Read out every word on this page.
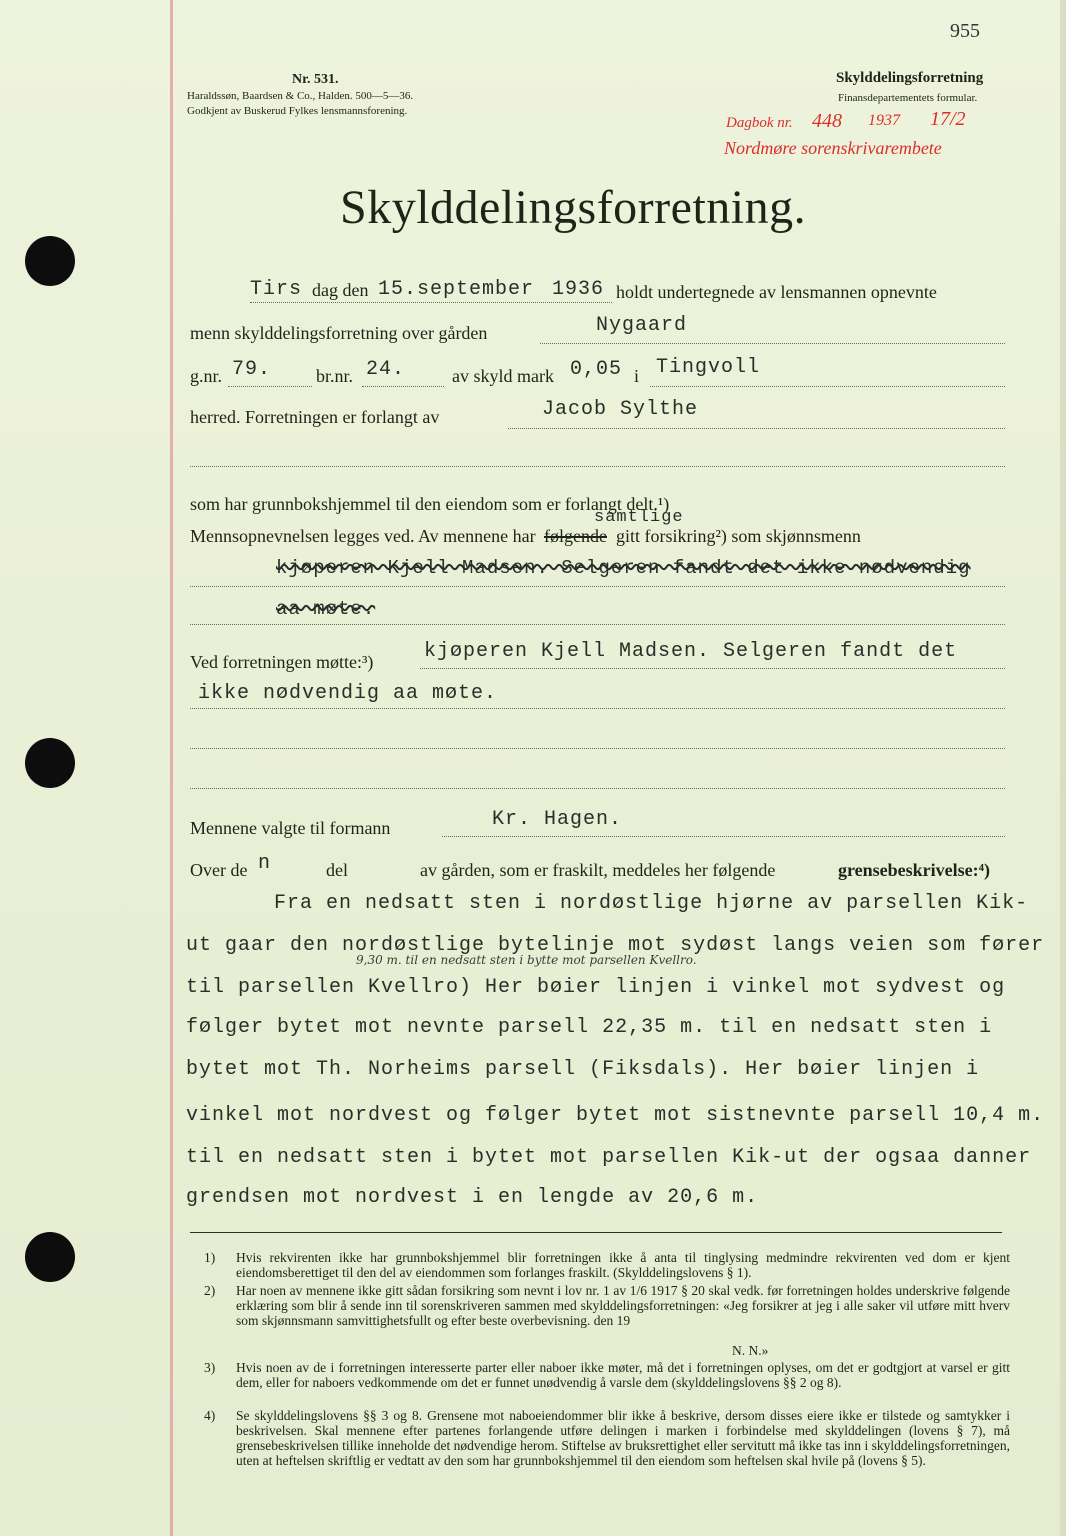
955
Nr. 531.
Haraldssøn, Baardsen & Co., Halden. 500—5—36.
Godkjent av Buskerud Fylkes lensmannsforening.
Skylddelingsforretning
Finansdepartementets formular.
Dagbok nr. 448 1937 17/2
Nordmøre sorenskrivarembete
Skylddelingsforretning.
Tirs dag den 15.september 1936 holdt undertegnede av lensmannen opnevnte
menn skylddelingsforretning over gården	Nygaard
g.nr. 79. br.nr. 24.	av skyld mark 0,05 i Tingvoll
herred. Forretningen er forlangt av	Jacob Sylthe
som har grunnbokshjemmel til den eiendom som er forlangt delt.¹)
Mennsopnevnelsen legges ved. Av mennene har følgende
samtlige
gitt forsikring²) som skjønnsmenn
kjøperen Kjell Madsen. Selgeren fandt det ikke nødvendig
aa møte.
Ved forretningen møtte:³)	kjøperen Kjell Madsen. Selgeren fandt det
ikke nødvendig aa møte.
Mennene valgte til formann	Kr. Hagen.
Over de n	del	av gården, som er fraskilt, meddeles her følgende	grensebeskrivelse:⁴)
Fra en nedsatt sten i nordøstlige hjørne av parsellen Kik-
ut gaar den nordøstlige bytelinje mot sydøst langs veien som fører
9,30 m. til en nedsatt sten i bytte mot parsellen Kvellro.
til parsellen Kvellro) Her bøier linjen i vinkel mot sydvest og
følger bytet mot nevnte parsell 22,35 m. til en nedsatt sten i
bytet mot Th. Norheims parsell (Fiksdals). Her bøier linjen i
vinkel mot nordvest og følger bytet mot sistnevnte parsell 10,4 m.
til en nedsatt sten i bytet mot parsellen Kik-ut der ogsaa danner
grendsen mot nordvest i en lengde av 20,6 m.
1) Hvis rekvirenten ikke har grunnbokshjemmel blir forretningen ikke å anta til tinglysing medmindre rekvirenten ved dom er kjent eiendomsberettiget til den del av eiendommen som forlanges fraskilt. (Skylddelingslovens § 1).
2) Har noen av mennene ikke gitt sådan forsikring som nevnt i lov nr. 1 av 1/6 1917 § 20 skal vedk. før forretningen holdes underskrive følgende erklæring som blir å sende inn til sorenskriveren sammen med skylddelingsforretningen: «Jeg forsikrer at jeg i alle saker vil utføre mitt hverv som skjønnsmann samvittighetsfullt og efter beste overbevisning. den 19
N. N.»
3) Hvis noen av de i forretningen interesserte parter eller naboer ikke møter, må det i forretningen oplyses, om det er godtgjort at varsel er gitt dem, eller for naboers vedkommende om det er funnet unødvendig å varsle dem (skylddelingslovens §§ 2 og 8).
4) Se skylddelingslovens §§ 3 og 8. Grensene mot naboeiendommer blir ikke å beskrive, dersom disses eiere ikke er tilstede og samtykker i beskrivelsen. Skal mennene efter partenes forlangende utføre delingen i marken i forbindelse med skylddelingen (lovens § 7), må grensebeskrivelsen tillike inneholde det nødvendige herom. Stiftelse av bruksrettighet eller servitutt må ikke tas inn i skylddelingsforretningen, uten at heftelsen skriftlig er vedtatt av den som har grunnbokshjemmel til den eiendom som heftelsen skal hvile på (lovens § 5).
